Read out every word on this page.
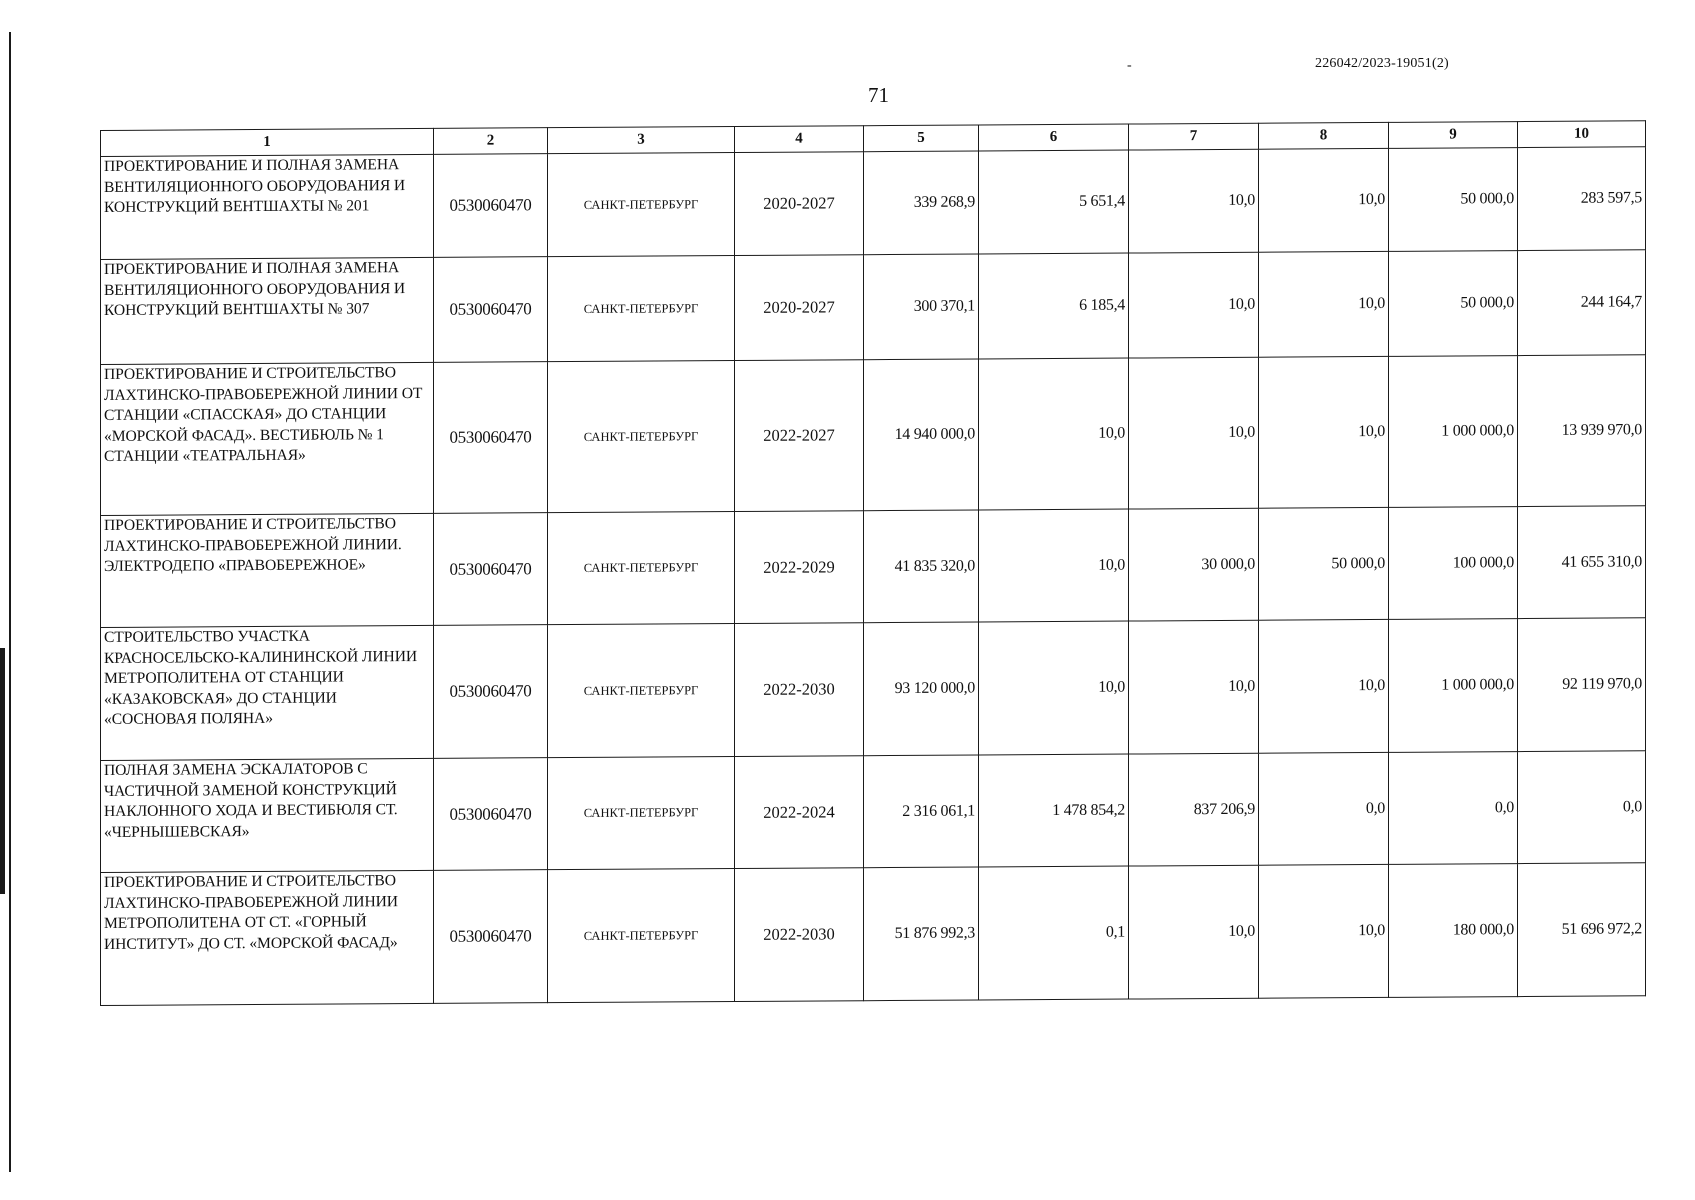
226042/2023-19051(2)
-
71
1	2	3	4	5	6	7	8	9	10
ПРОЕКТИРОВАНИЕ И ПОЛНАЯ ЗАМЕНА ВЕНТИЛЯЦИОННОГО ОБОРУДОВАНИЯ И КОНСТРУКЦИЙ ВЕНТШАХТЫ № 201	0530060470	САНКТ-ПЕТЕРБУРГ	2020-2027	339 268,9	5 651,4	10,0	10,0	50 000,0	283 597,5
ПРОЕКТИРОВАНИЕ И ПОЛНАЯ ЗАМЕНА ВЕНТИЛЯЦИОННОГО ОБОРУДОВАНИЯ И КОНСТРУКЦИЙ ВЕНТШАХТЫ № 307	0530060470	САНКТ-ПЕТЕРБУРГ	2020-2027	300 370,1	6 185,4	10,0	10,0	50 000,0	244 164,7
ПРОЕКТИРОВАНИЕ И СТРОИТЕЛЬСТВО ЛАХТИНСКО-ПРАВОБЕРЕЖНОЙ ЛИНИИ ОТ СТАНЦИИ «СПАССКАЯ» ДО СТАНЦИИ «МОРСКОЙ ФАСАД». ВЕСТИБЮЛЬ № 1 СТАНЦИИ «ТЕАТРАЛЬНАЯ»	0530060470	САНКТ-ПЕТЕРБУРГ	2022-2027	14 940 000,0	10,0	10,0	10,0	1 000 000,0	13 939 970,0
ПРОЕКТИРОВАНИЕ И СТРОИТЕЛЬСТВО ЛАХТИНСКО-ПРАВОБЕРЕЖНОЙ ЛИНИИ. ЭЛЕКТРОДЕПО «ПРАВОБЕРЕЖНОЕ»	0530060470	САНКТ-ПЕТЕРБУРГ	2022-2029	41 835 320,0	10,0	30 000,0	50 000,0	100 000,0	41 655 310,0
СТРОИТЕЛЬСТВО УЧАСТКА КРАСНОСЕЛЬСКО-КАЛИНИНСКОЙ ЛИНИИ МЕТРОПОЛИТЕНА ОТ СТАНЦИИ «КАЗАКОВСКАЯ» ДО СТАНЦИИ «СОСНОВАЯ ПОЛЯНА»	0530060470	САНКТ-ПЕТЕРБУРГ	2022-2030	93 120 000,0	10,0	10,0	10,0	1 000 000,0	92 119 970,0
ПОЛНАЯ ЗАМЕНА ЭСКАЛАТОРОВ С ЧАСТИЧНОЙ ЗАМЕНОЙ КОНСТРУКЦИЙ НАКЛОННОГО ХОДА И ВЕСТИБЮЛЯ СТ. «ЧЕРНЫШЕВСКАЯ»	0530060470	САНКТ-ПЕТЕРБУРГ	2022-2024	2 316 061,1	1 478 854,2	837 206,9	0,0	0,0	0,0
ПРОЕКТИРОВАНИЕ И СТРОИТЕЛЬСТВО ЛАХТИНСКО-ПРАВОБЕРЕЖНОЙ ЛИНИИ МЕТРОПОЛИТЕНА ОТ СТ. «ГОРНЫЙ ИНСТИТУТ» ДО СТ. «МОРСКОЙ ФАСАД»	0530060470	САНКТ-ПЕТЕРБУРГ	2022-2030	51 876 992,3	0,1	10,0	10,0	180 000,0	51 696 972,2
